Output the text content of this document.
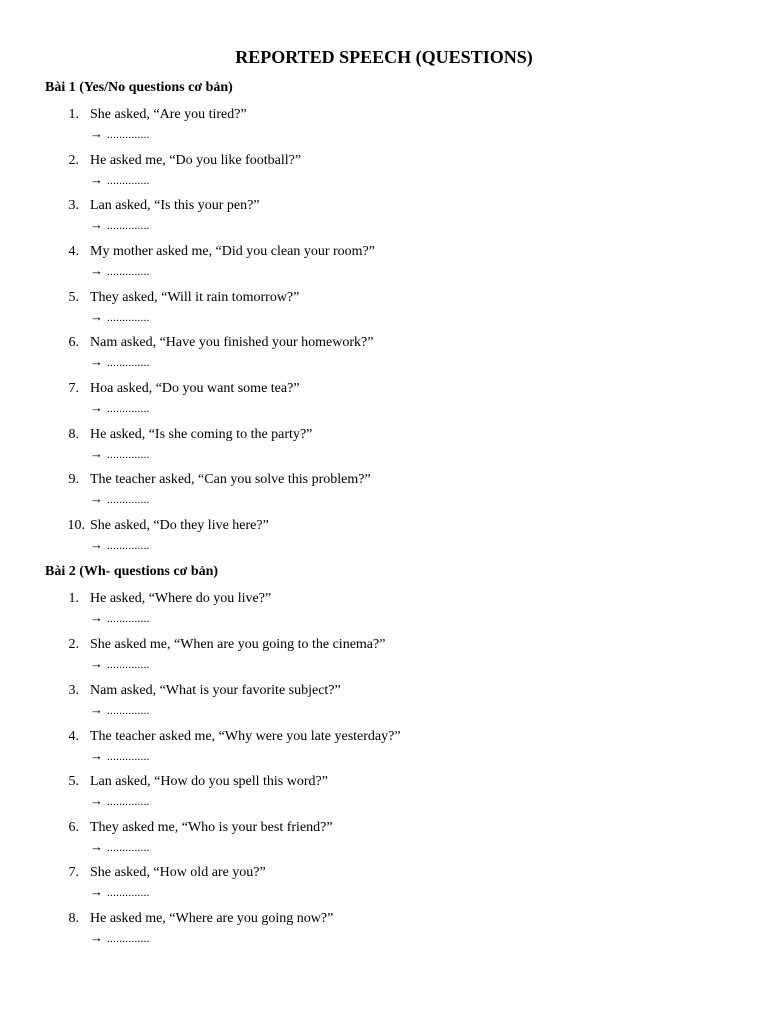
REPORTED SPEECH (QUESTIONS)
Bài 1 (Yes/No questions cơ bản)
1. She asked, “Are you tired?”
→ ..............
2. He asked me, “Do you like football?”
→ ..............
3. Lan asked, “Is this your pen?”
→ ..............
4. My mother asked me, “Did you clean your room?”
→ ..............
5. They asked, “Will it rain tomorrow?”
→ ..............
6. Nam asked, “Have you finished your homework?”
→ ..............
7. Hoa asked, “Do you want some tea?”
→ ..............
8. He asked, “Is she coming to the party?”
→ ..............
9. The teacher asked, “Can you solve this problem?”
→ ..............
10. She asked, “Do they live here?”
→ ..............
Bài 2 (Wh- questions cơ bản)
1. He asked, “Where do you live?”
→ ..............
2. She asked me, “When are you going to the cinema?”
→ ..............
3. Nam asked, “What is your favorite subject?”
→ ..............
4. The teacher asked me, “Why were you late yesterday?”
→ ..............
5. Lan asked, “How do you spell this word?”
→ ..............
6. They asked me, “Who is your best friend?”
→ ..............
7. She asked, “How old are you?”
→ ..............
8. He asked me, “Where are you going now?”
→ ..............
